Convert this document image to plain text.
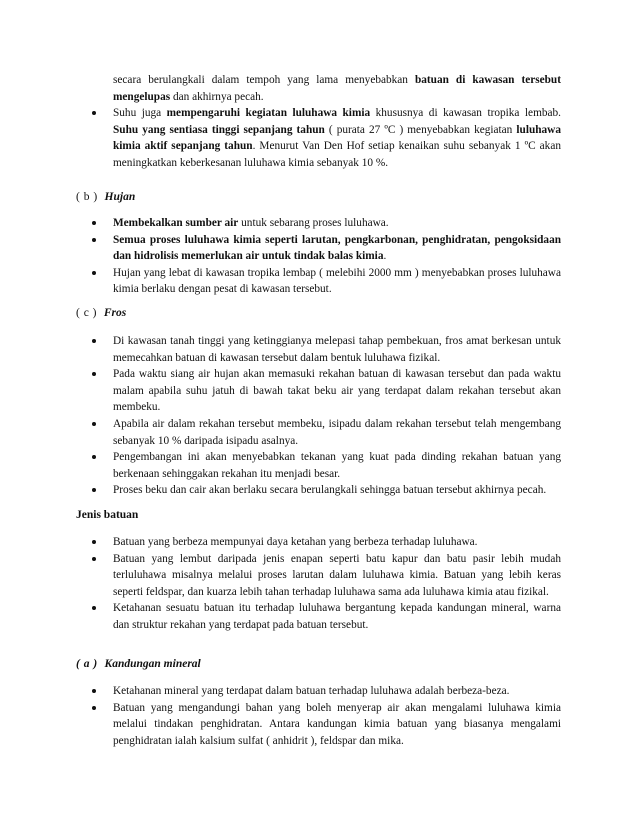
secara berulangkali dalam tempoh yang lama menyebabkan batuan di kawasan tersebut mengelupas dan akhirnya pecah.

Suhu juga mempengaruhi kegiatan luluhawa kimia khususnya di kawasan tropika lembab. Suhu yang sentiasa tinggi sepanjang tahun ( purata 27 ºC ) menyebabkan kegiatan luluhawa kimia aktif sepanjang tahun. Menurut Van Den Hof setiap kenaikan suhu sebanyak 1 ºC akan meningkatkan keberkesanan luluhawa kimia sebanyak 10 %.

( b ) Hujan

Membekalkan sumber air untuk sebarang proses luluhawa.

Semua proses luluhawa kimia seperti larutan, pengkarbonan, penghidratan, pengoksidaan dan hidrolisis memerlukan air untuk tindak balas kimia.

Hujan yang lebat di kawasan tropika lembap ( melebihi 2000 mm ) menyebabkan proses luluhawa kimia berlaku dengan pesat di kawasan tersebut.

( c ) Fros

Di kawasan tanah tinggi yang ketinggianya melepasi tahap pembekuan, fros amat berkesan untuk memecahkan batuan di kawasan tersebut dalam bentuk luluhawa fizikal.

Pada waktu siang air hujan akan memasuki rekahan batuan di kawasan tersebut dan pada waktu malam apabila suhu jatuh di bawah takat beku air yang terdapat dalam rekahan tersebut akan membeku.

Apabila air dalam rekahan tersebut membeku, isipadu dalam rekahan tersebut telah mengembang sebanyak 10 % daripada isipadu asalnya.

Pengembangan ini akan menyebabkan tekanan yang kuat pada dinding rekahan batuan yang berkenaan sehinggakan rekahan itu menjadi besar.

Proses beku dan cair akan berlaku secara berulangkali sehingga batuan tersebut akhirnya pecah.

Jenis batuan

Batuan yang berbeza mempunyai daya ketahan yang berbeza terhadap luluhawa.

Batuan yang lembut daripada jenis enapan seperti batu kapur dan batu pasir lebih mudah terluluhawa misalnya melalui proses larutan dalam luluhawa kimia. Batuan yang lebih keras seperti feldspar, dan kuarza lebih tahan terhadap luluhawa sama ada luluhawa kimia atau fizikal.

Ketahanan sesuatu batuan itu terhadap luluhawa bergantung kepada kandungan mineral, warna dan struktur rekahan yang terdapat pada batuan tersebut.

( a ) Kandungan mineral

Ketahanan mineral yang terdapat dalam batuan terhadap luluhawa adalah berbeza-beza.

Batuan yang mengandungi bahan yang boleh menyerap air akan mengalami luluhawa kimia melalui tindakan penghidratan. Antara kandungan kimia batuan yang biasanya mengalami penghidratan ialah kalsium sulfat ( anhidrit ), feldspar dan mika.
